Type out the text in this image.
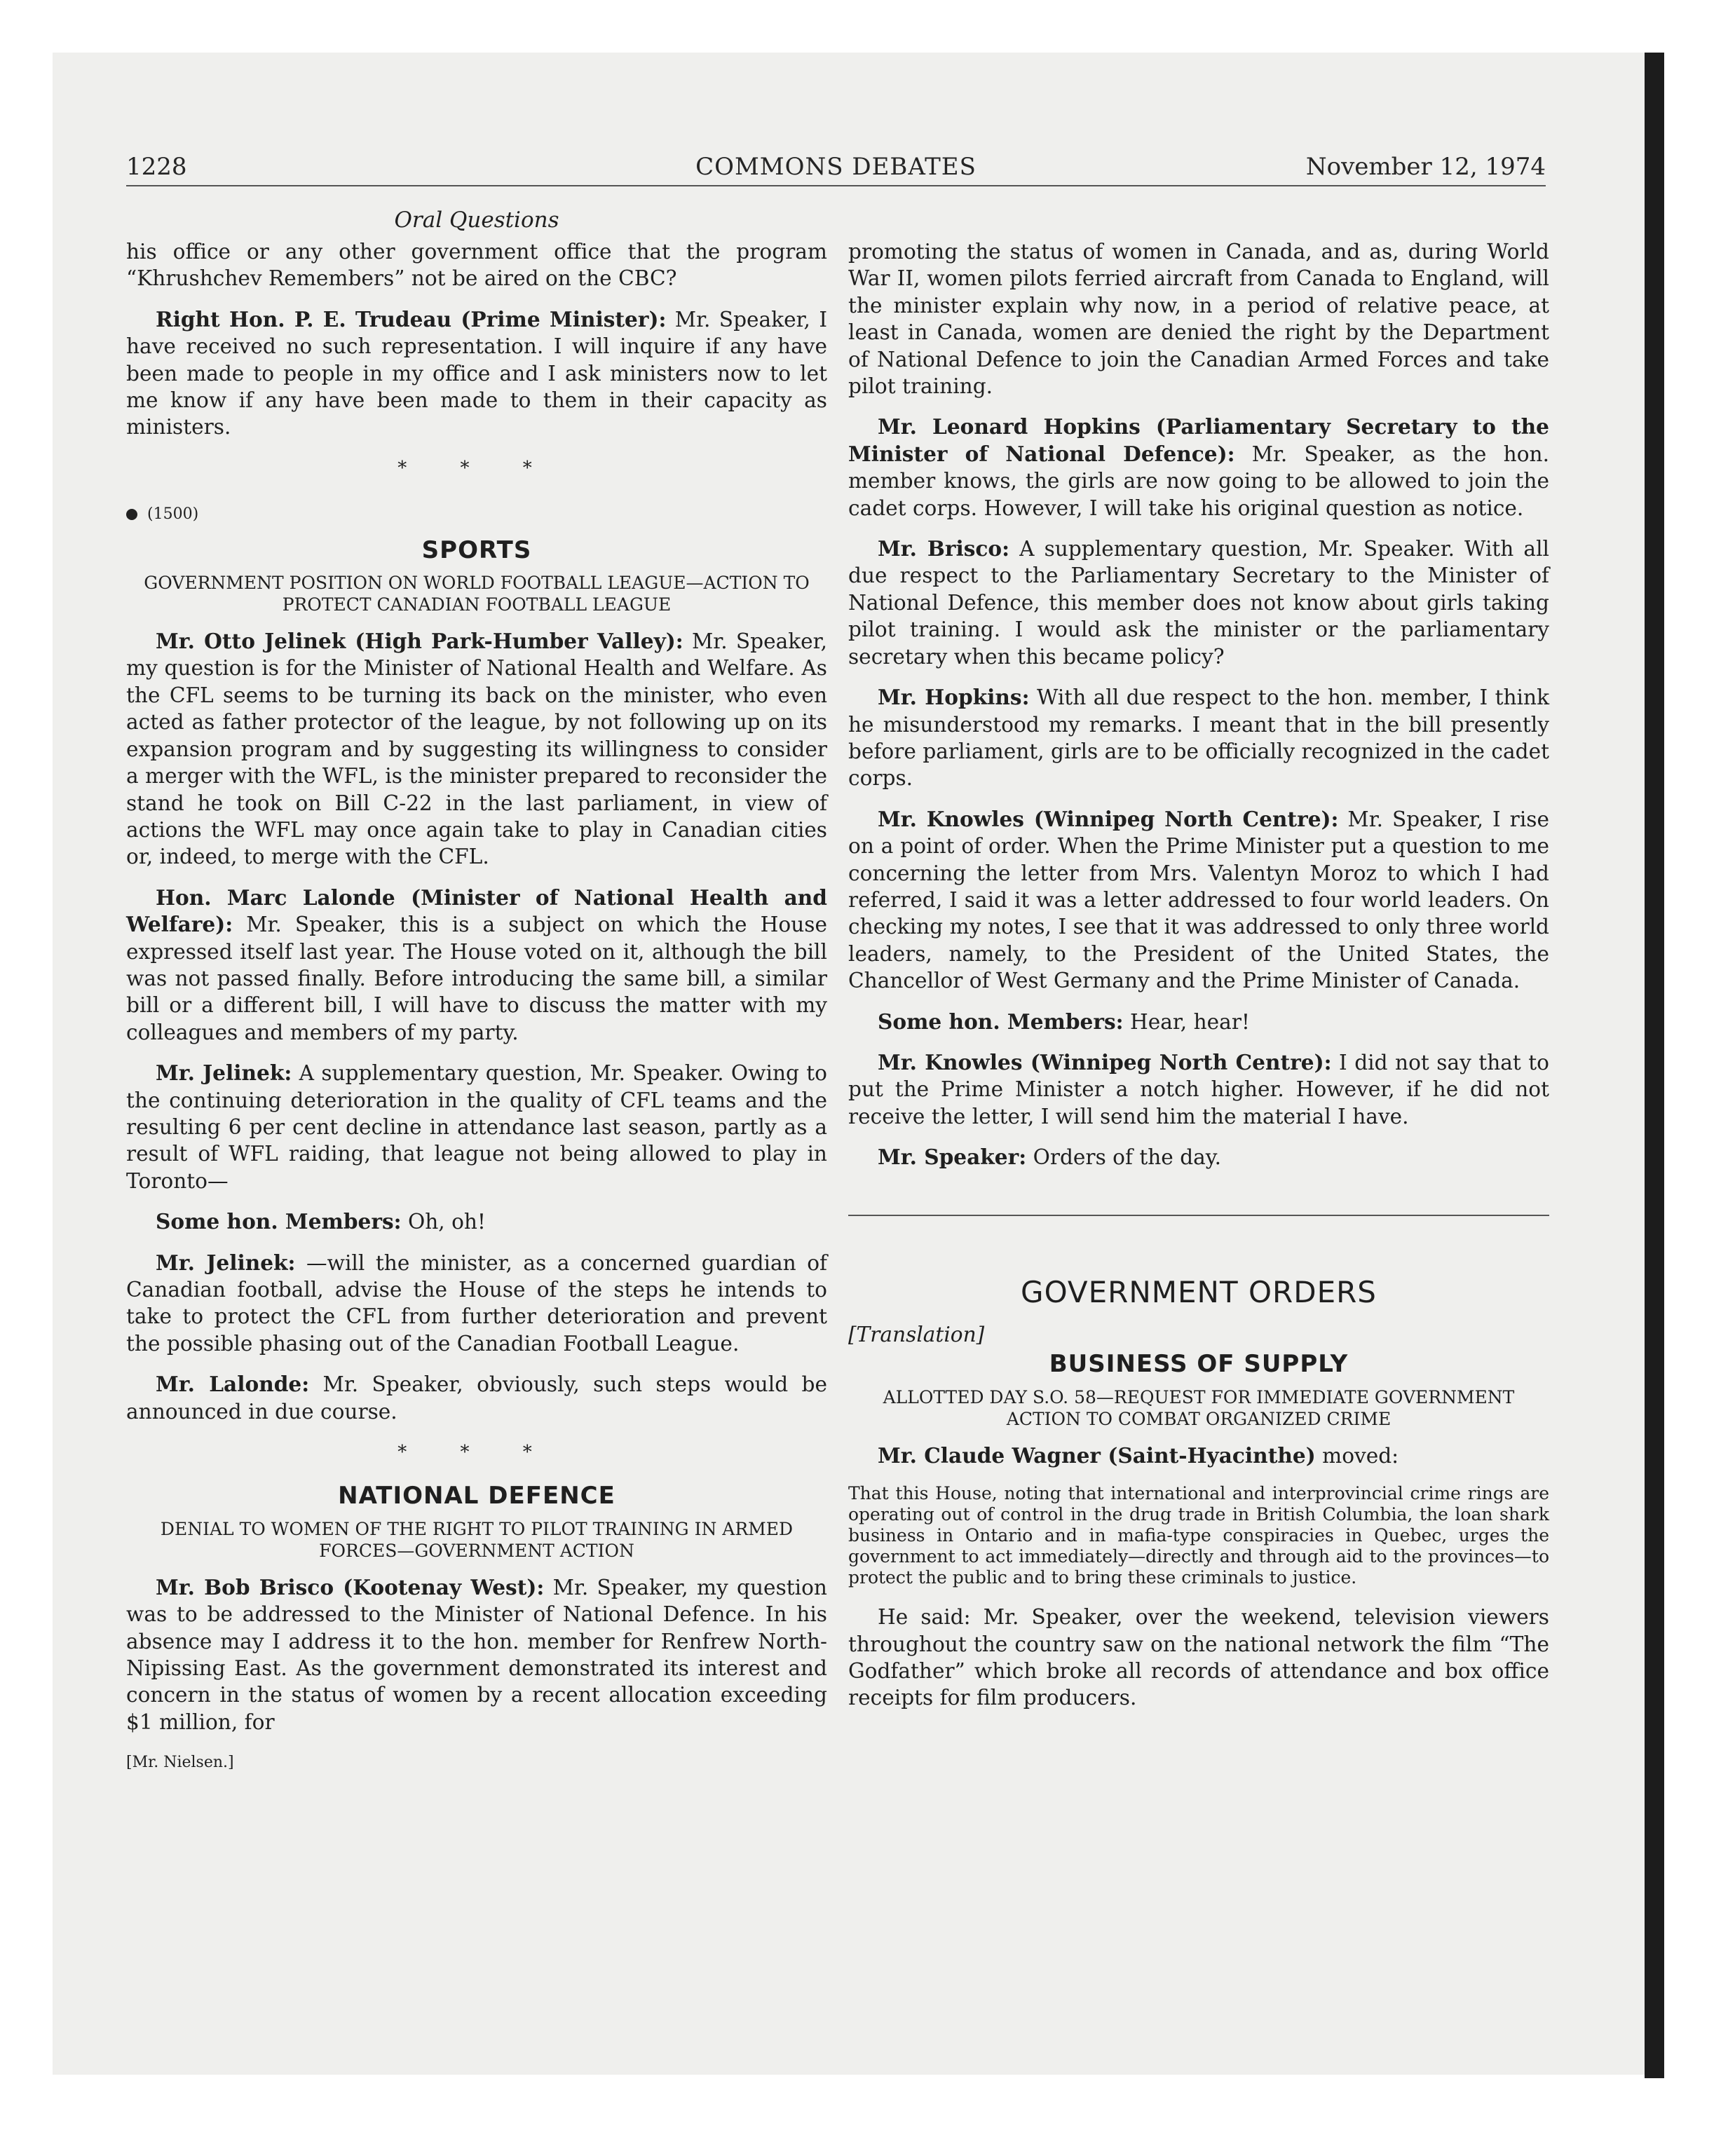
1228	COMMONS DEBATES	November 12, 1974
Oral Questions

his office or any other government office that the program “Khrushchev Remembers” not be aired on the CBC?

Right Hon. P. E. Trudeau (Prime Minister): Mr. Speaker, I have received no such representation. I will inquire if any have been made to people in my office and I ask ministers now to let me know if any have been made to them in their capacity as ministers.

* * *
(1500)
SPORTS
GOVERNMENT POSITION ON WORLD FOOTBALL LEAGUE—ACTION TO PROTECT CANADIAN FOOTBALL LEAGUE

Mr. Otto Jelinek (High Park-Humber Valley): Mr. Speaker, my question is for the Minister of National Health and Welfare. As the CFL seems to be turning its back on the minister, who even acted as father protector of the league, by not following up on its expansion program and by suggesting its willingness to consider a merger with the WFL, is the minister prepared to reconsider the stand he took on Bill C-22 in the last parliament, in view of actions the WFL may once again take to play in Canadian cities or, indeed, to merge with the CFL.

Hon. Marc Lalonde (Minister of National Health and Welfare): Mr. Speaker, this is a subject on which the House expressed itself last year. The House voted on it, although the bill was not passed finally. Before introducing the same bill, a similar bill or a different bill, I will have to discuss the matter with my colleagues and members of my party.

Mr. Jelinek: A supplementary question, Mr. Speaker. Owing to the continuing deterioration in the quality of CFL teams and the resulting 6 per cent decline in attendance last season, partly as a result of WFL raiding, that league not being allowed to play in Toronto—

Some hon. Members: Oh, oh!

Mr. Jelinek: —will the minister, as a concerned guardian of Canadian football, advise the House of the steps he intends to take to protect the CFL from further deterioration and prevent the possible phasing out of the Canadian Football League.

Mr. Lalonde: Mr. Speaker, obviously, such steps would be announced in due course.

* * *
NATIONAL DEFENCE
DENIAL TO WOMEN OF THE RIGHT TO PILOT TRAINING IN ARMED FORCES—GOVERNMENT ACTION

Mr. Bob Brisco (Kootenay West): Mr. Speaker, my question was to be addressed to the Minister of National Defence. In his absence may I address it to the hon. member for Renfrew North-Nipissing East. As the government demonstrated its interest and concern in the status of women by a recent allocation exceeding $1 million, for

[Mr. Nielsen.]

promoting the status of women in Canada, and as, during World War II, women pilots ferried aircraft from Canada to England, will the minister explain why now, in a period of relative peace, at least in Canada, women are denied the right by the Department of National Defence to join the Canadian Armed Forces and take pilot training.

Mr. Leonard Hopkins (Parliamentary Secretary to the Minister of National Defence): Mr. Speaker, as the hon. member knows, the girls are now going to be allowed to join the cadet corps. However, I will take his original question as notice.

Mr. Brisco: A supplementary question, Mr. Speaker. With all due respect to the Parliamentary Secretary to the Minister of National Defence, this member does not know about girls taking pilot training. I would ask the minister or the parliamentary secretary when this became policy?

Mr. Hopkins: With all due respect to the hon. member, I think he misunderstood my remarks. I meant that in the bill presently before parliament, girls are to be officially recognized in the cadet corps.

Mr. Knowles (Winnipeg North Centre): Mr. Speaker, I rise on a point of order. When the Prime Minister put a question to me concerning the letter from Mrs. Valentyn Moroz to which I had referred, I said it was a letter addressed to four world leaders. On checking my notes, I see that it was addressed to only three world leaders, namely, to the President of the United States, the Chancellor of West Germany and the Prime Minister of Canada.

Some hon. Members: Hear, hear!

Mr. Knowles (Winnipeg North Centre): I did not say that to put the Prime Minister a notch higher. However, if he did not receive the letter, I will send him the material I have.

Mr. Speaker: Orders of the day.

GOVERNMENT ORDERS
[Translation]
BUSINESS OF SUPPLY
ALLOTTED DAY S.O. 58—REQUEST FOR IMMEDIATE GOVERNMENT ACTION TO COMBAT ORGANIZED CRIME

Mr. Claude Wagner (Saint-Hyacinthe) moved:

That this House, noting that international and interprovincial crime rings are operating out of control in the drug trade in British Columbia, the loan shark business in Ontario and in mafia-type conspiracies in Quebec, urges the government to act immediately—directly and through aid to the provinces—to protect the public and to bring these criminals to justice.

He said: Mr. Speaker, over the weekend, television viewers throughout the country saw on the national network the film “The Godfather” which broke all records of attendance and box office receipts for film producers.
